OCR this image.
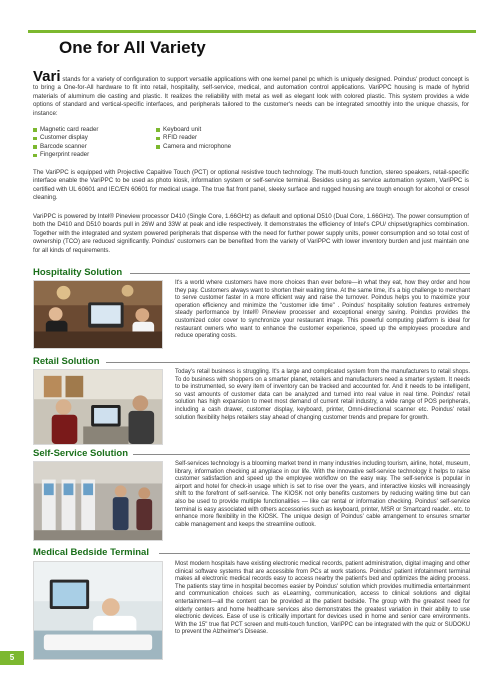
One for All Variety

Vari stands for a variety of configuration to support versatile applications with one kernel panel pc which is uniquely designed. Poindus' product concept is to bring a One-for-All hardware to fit into retail, hospitality, self-service, medical, and automation control applications. VariPPC housing is made of hybrid materials of aluminum die casting and plastic. It realizes the reliability with metal as well as elegant look with colored plastic. This system provides a wide options of standard and vertical-specific interfaces, and peripherals tailored to the customer's needs can be integrated smoothly into the unique chassis, for instance:

Magnetic card reader
Customer display
Barcode scanner
Fingerprint reader
Keyboard unit
RFID reader
Camera and microphone

The VariPPC is equipped with Projective Capaitive Touch (PCT) or optional resistive touch technology. The multi-touch function, stereo speakers, retail-specific interface enable the VariPPC to be used as photo kiosk, information system or self-service terminal. Besides using as service automation system, VariPPC is certified with UL 60601 and IEC/EN 60601 for medical usage. The true flat front panel, sleeky surface and rugged housing are tough enough for alcohol or cresol cleaning.

VariPPC is powered by Intel® Pineview processor D410 (Single Core, 1.66GHz) as default and optional D510 (Dual Core, 1.66GHz). The power consumption of both the D410 and D510 boards pull in 26W and 33W at peak and idle respectively. It demonstrates the efficiency of Intel's CPU/ chipset/graphics combination. Together with the integrated and system powered peripherals that dispense with the need for further power supply units, power consumption and so total cost of ownership (TCO) are reduced significantly. Poindus' customers can be benefited from the variety of VariPPC with lower inventory burden and just maintain one for all kinds of requirements.

Hospitality Solution

It's a world where customers have more choices than ever before—in what they eat, how they order and how they pay. Customers always want to shorten their waiting time. At the same time, it's a big challenge to merchant to serve customer faster in a more efficient way and raise the turnover. Poindus helps you to maximize your operation efficiency and minimize the "customer idle time" . Poindus' hospitality solution features extremely steady performance by Intel® Pineview processer and exceptional energy saving. Poindus provides the customized color cover to synchronize your restaurant image. This powerful computing platform is ideal for restaurant owners who want to enhance the customer experience, speed up the employees procedure and reduce operating costs.

Retail Solution

Today's retail business is struggling. It's a large and complicated system from the manufacturers to retail shops. To do business with shoppers on a smarter planet, retailers and manufacturers need a smarter system. It needs to be instrumented, so every item of inventory can be tracked and accounted for. And it needs to be intelligent, so vast amounts of customer data can be analyzed and turned into real value in real time. Poindus' retail solution has high expansion to meet most demand of current retail industry, a wide range of POS peripherals, including a cash drawer, customer display, keyboard, printer, Omni-directional scanner etc. Poindus' retail solution flexibility helps retailers stay ahead of changing customer trends and prepare for growth.

Self-Service Solution

Self-services technology is a blooming market trend in many industries including tourism, airline, hotel, museum, library, information checking at anyplace in our life. With the innovative self-service technology it helps to raise customer satisfaction and speed up the employee workflow on the easy way. The self-service is popular in airport and hotel for check-in usage which is set to rise over the years, and interactive kiosks will increasingly shift to the forefront of self-service. The KIOSK not only benefits customers by reducing waiting time but can also be used to provide multiple functionalities — like car rental or information checking. Poindus' self-service terminal is easy associated with others accessories such as keyboard, printer, MSR or Smartcard reader.. etc. to enhance more flexibility in the KIOSK. The unique design of Poindus' cable arrangement to ensures smarter cable management and keeps the streamline outlook.

Medical Bedside Terminal

Most modern hospitals have existing electronic medical records, patient administration, digital imaging and other clinical software systems that are accessible from PCs at work stations. Poindus' patient infotainment terminal makes all electronic medical records easy to access nearby the patient's bed and optimizes the aiding process. The patients stay time in hospital becomes easier by Poindus' solution which provides multimedia entertainment and communication choices such as eLearning, communication, access to clinical solutions and digital entertainment—all the content can be provided at the patient bedside. The group with the greatest need for elderly centers and home healthcare services also demonstrates the greatest variation in their ability to use electronic devices. Ease of use is critically important for devices used in home and senior care environments. With the 15" true flat PCT screen and multi-touch function, VariPPC can be integrated with the quiz or SUDOKU to prevent the Alzheimer's Disease.

5
